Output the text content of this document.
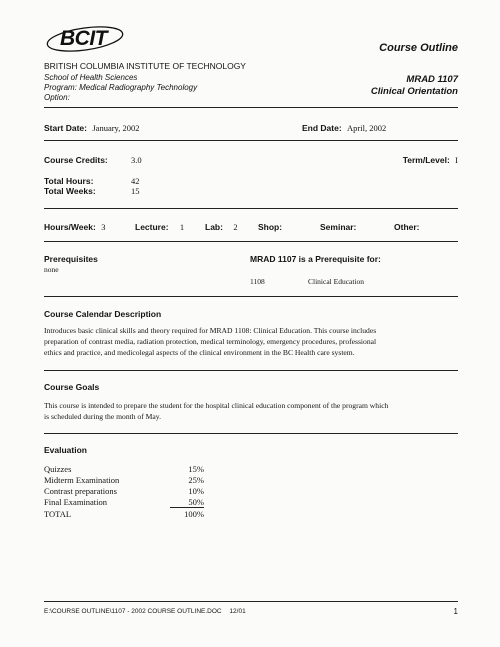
BCIT
BRITISH COLUMBIA INSTITUTE OF TECHNOLOGY
School of Health Sciences
Program: Medical Radiography Technology
Option:
Course Outline
MRAD 1107
Clinical Orientation
Start Date: January, 2002	End Date: April, 2002
Course Credits:	3.0	Term/Level: I
Total Hours:	42
Total Weeks:	15
Hours/Week: 3	Lecture: 1 Lab: 2 Shop:	Seminar:	Other:
Prerequisites
none
MRAD 1107 is a Prerequisite for:
1108	Clinical Education
Course Calendar Description
Introduces basic clinical skills and theory required for MRAD 1108: Clinical Education. This course includes
preparation of contrast media, radiation protection, medical terminology, emergency procedures, professional
ethics and practice, and medicolegal aspects of the clinical environment in the BC Health care system.
Course Goals
This course is intended to prepare the student for the hospital clinical education component of the program which
is scheduled during the month of May.
Evaluation
Quizzes	15%
Midterm Examination	25%
Contrast preparations	10%
Final Examination	50%
TOTAL	100%
E:\COURSE OUTLINE\1107 - 2002 COURSE OUTLINE.DOC 12/01	1
